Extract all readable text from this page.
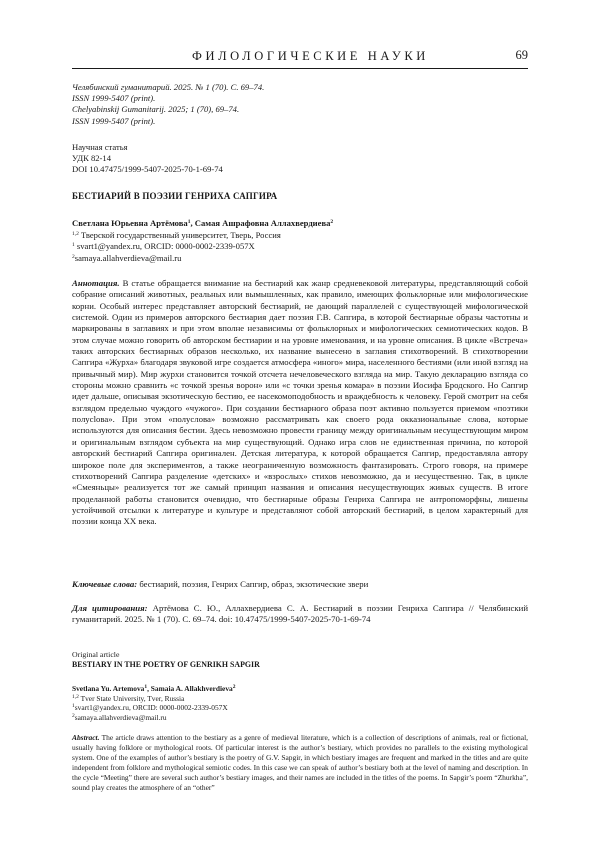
ФИЛОЛОГИЧЕСКИЕ НАУКИ	69
Челябинский гуманитарий. 2025. № 1 (70). С. 69–74.
ISSN 1999-5407 (print).
Chelyabinskij Gumanitarij. 2025; 1 (70), 69–74.
ISSN 1999-5407 (print).
Научная статья
УДК 82-14
DOI 10.47475/1999-5407-2025-70-1-69-74
БЕСТИАРИЙ В ПОЭЗИИ ГЕНРИХА САПГИРА
Светлана Юрьевна Артёмова$^1$, Самая Ашрафовна Аллахвердиева$^2$
$^{1,2}$ Тверской государственный университет, Тверь, Россия
$^1$ svart1@yandex.ru, ORCID: 0000-0002-2339-057X
$^2$samaya.allahverdieva@mail.ru
Аннотация. В статье обращается внимание на бестиарий как жанр средневековой литературы, представляющий собой собрание описаний животных, реальных или вымышленных, как правило, имеющих фольклорные или мифологические корни. Особый интерес представляет авторский бестиарий, не дающий параллелей с существующей мифологической системой. Один из примеров авторского бестиария дает поэзия Г.В. Сапгира, в которой бестиарные образы частотны и маркированы в заглавиях и при этом вполне независимы от фольклорных и мифологических семиотических кодов. В этом случае можно говорить об авторском бестиарии и на уровне именования, и на уровне описания. В цикле «Встреча» таких авторских бестиарных образов несколько, их название вынесено в заглавия стихотворений. В стихотворении Сапгира «Журха» благодаря звуковой игре создается атмосфера «иного» мира, населенного бестиями (или иной взгляд на привычный мир). Мир журхи становится точкой отсчета нечеловеческого взгляда на мир. Такую декларацию взгляда со стороны можно сравнить «с точкой зренья ворон» или «с точки зренья комара» в поэзии Иосифа Бродского. Но Сапгир идет дальше, описывая экзотическую бестию, ее насекомоподобность и враждебность к человеку. Герой смотрит на себя взглядом предельно чуждого «чужого». При создании бестиарного образа поэт активно пользуется приемом «поэтики полусlова». При этом «полуслова» возможно рассматривать как своего рода окказиональные слова, которые используются для описания бестии. Здесь невозможно провести границу между оригинальным несуществующим миром и оригинальным взглядом субъекта на мир существующий. Однако игра слов не единственная причина, по которой авторский бестиарий Сапгира оригинален. Детская литература, к которой обращается Сапгир, предоставляла автору широкое поле для экспериментов, а также неограниченную возможность фантазировать. Строго говоря, на примере стихотворений Сапгира разделение «детских» и «взрослых» стихов невозможно, да и несущественно. Так, в цикле «Смеяньцы» реализуется тот же самый принцип названия и описания несуществующих живых существ. В итоге проделанной работы становится очевидно, что бестиарные образы Генриха Сапгира не антропоморфны, лишены устойчивой отсылки к литературе и культуре и представляют собой авторский бестиарий, в целом характерный для поэзии конца XX века.
Ключевые слова: бестиарий, поэзия, Генрих Сапгир, образ, экзотические звери
Для цитирования: Артёмова С. Ю., Аллахвердиева С. А. Бестиарий в поэзии Генриха Сапгира // Челябинский гуманитарий. 2025. № 1 (70). С. 69–74. doi: 10.47475/1999-5407-2025-70-1-69-74
Original article
BESTIARY IN THE POETRY OF GENRIKH SAPGIR
Svetlana Yu. Artemova$^1$, Samaia A. Allakhverdieva$^2$
$^{1,2}$ Tver State University, Tver, Russia
$^1$svart1@yandex.ru, ORCID: 0000-0002-2339-057X
$^2$samaya.allahverdieva@mail.ru
Abstract. The article draws attention to the bestiary as a genre of medieval literature, which is a collection of descriptions of animals, real or fictional, usually having folklore or mythological roots. Of particular interest is the author’s bestiary, which provides no parallels to the existing mythological system. One of the examples of author’s bestiary is the poetry of G.V. Sapgir, in which bestiary images are frequent and marked in the titles and are quite independent from folklore and mythological semiotic codes. In this case we can speak of author’s bestiary both at the level of naming and description. In the cycle “Meeting” there are several such author’s bestiary images, and their names are included in the titles of the poems. In Sapgir’s poem “Zhurkha”, sound play creates the atmosphere of an “other”
